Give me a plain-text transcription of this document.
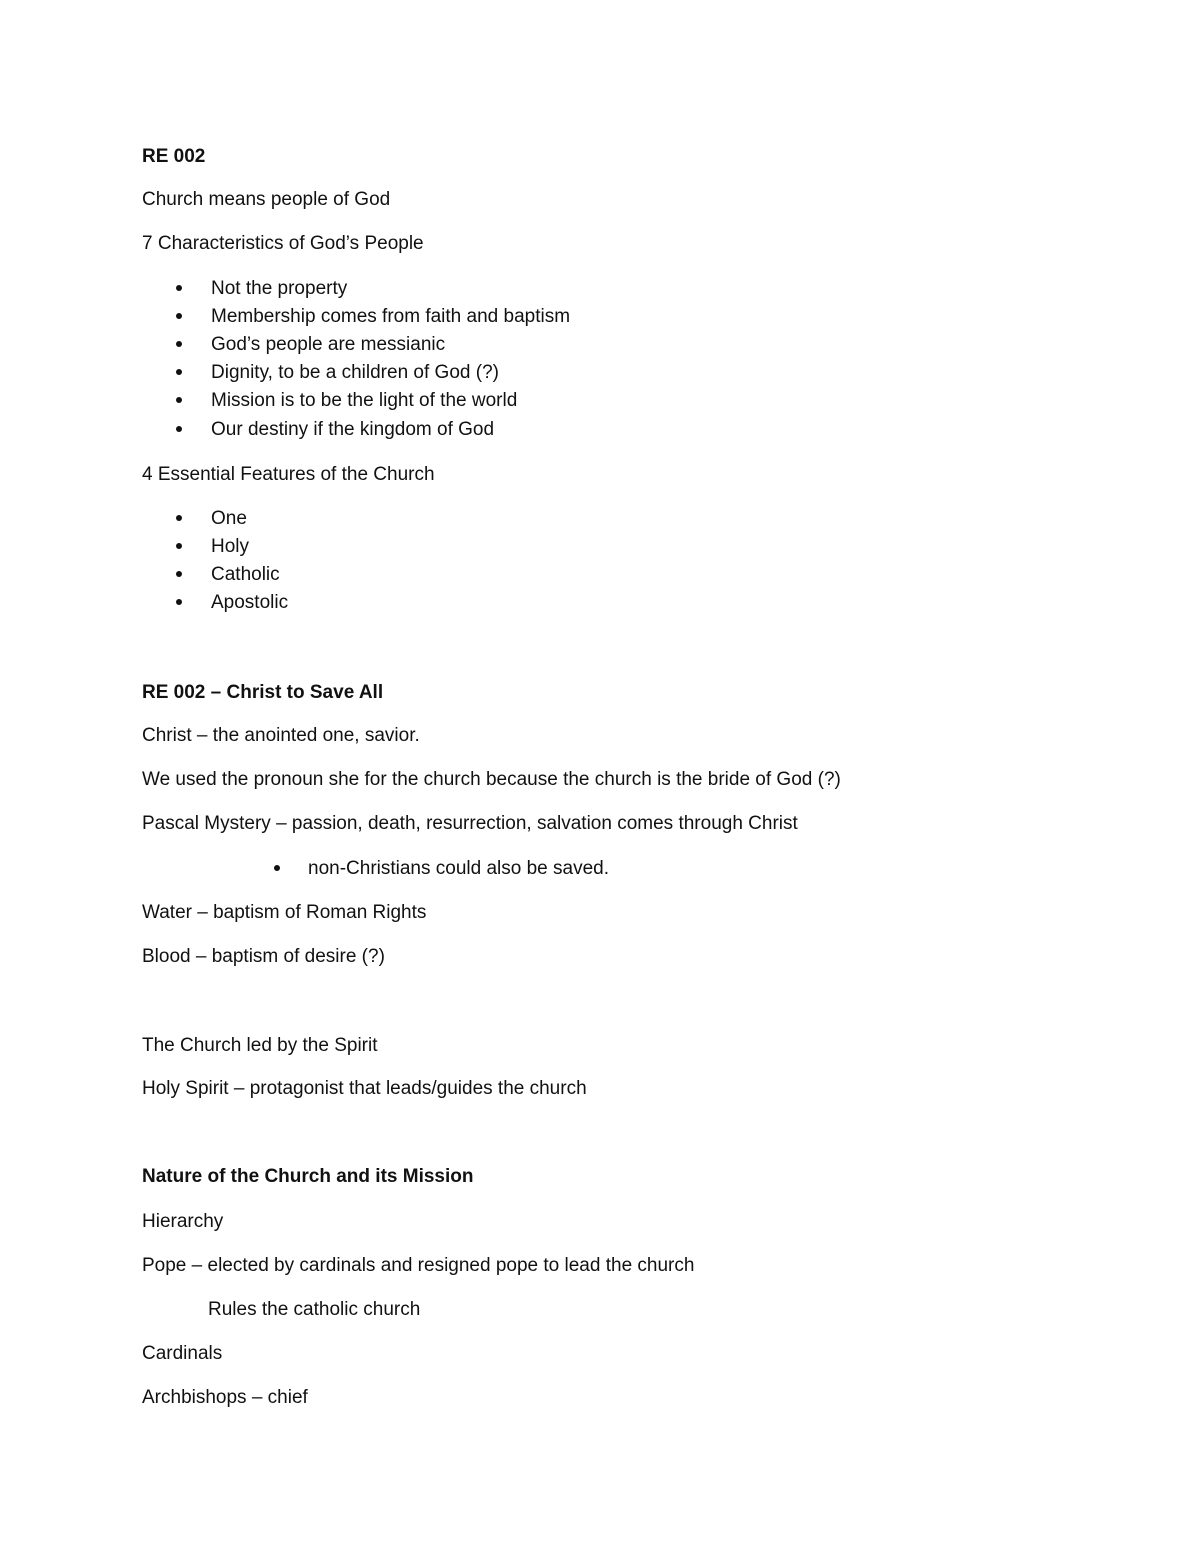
RE 002
Church means people of God
7 Characteristics of God’s People
Not the property
Membership comes from faith and baptism
God’s people are messianic
Dignity, to be a children of God (?)
Mission is to be the light of the world
Our destiny if the kingdom of God
4 Essential Features of the Church
One
Holy
Catholic
Apostolic
RE 002 – Christ to Save All
Christ – the anointed one, savior.
We used the pronoun she for the church because the church is the bride of God (?)
Pascal Mystery – passion, death, resurrection, salvation comes through Christ
non-Christians could also be saved.
Water – baptism of Roman Rights
Blood – baptism of desire (?)
The Church led by the Spirit
Holy Spirit – protagonist that leads/guides the church
Nature of the Church and its Mission
Hierarchy
Pope – elected by cardinals and resigned pope to lead the church
Rules the catholic church
Cardinals
Archbishops – chief
